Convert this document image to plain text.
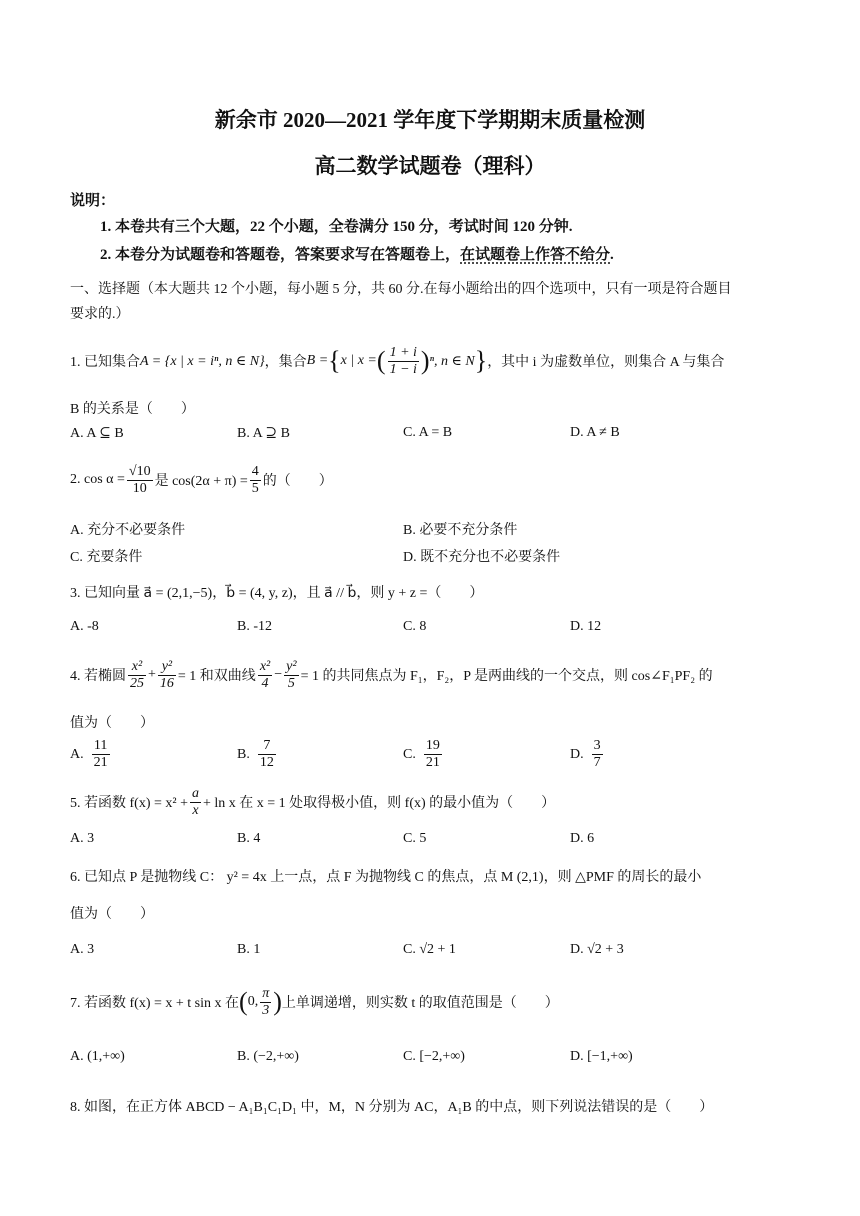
新余市 2020—2021 学年度下学期期末质量检测
高二数学试题卷（理科）
说明：
1. 本卷共有三个大题，22 个小题，全卷满分 150 分，考试时间 120 分钟.
2. 本卷分为试题卷和答题卷，答案要求写在答题卷上，在试题卷上作答不给分.
一、选择题（本大题共 12 个小题，每小题 5 分，共 60 分.在每小题给出的四个选项中，只有一项是符合题目
要求的.）
1. 已知集合 A = {x | x = iⁿ, n ∈ N} ，集合 B = { x | x = ( $\frac{1 + i}{1 - i}$ ) ⁿ, n ∈ N } ，其中 i 为虚数单位，则集合 A 与集合
B 的关系是（　　）
A. A ⊆ B	B. A ⊇ B	C. A = B	D. A ≠ B
2. $\cos \alpha = \frac{√10}{10}$ 是 $\cos(2\alpha + \pi) = \frac{4}{5}$ 的（　　）
A. 充分不必要条件	B. 必要不充分条件
C. 充要条件	D. 既不充分也不必要条件
3. 已知向量 a⃗ = (2,1,−5)，b⃗ = (4, y, z)，且 a⃗ // b⃗，则 y + z =（　　）
A. -8	B. -12	C. 8	D. 12
4. 若椭圆 $\frac{\text{x²}}{25} + \frac{\text{y²}}{16} = 1$ 和双曲线 $\frac{\text{x²}}{4} - \frac{\text{y²}}{5} = 1$ 的共同焦点为 F₁，F₂，P 是两曲线的一个交点，则 cos∠F₁PF₂ 的
值为（　　）
A. $\frac{11}{21}$	B. $\frac{7}{12}$	C. $\frac{19}{21}$	D. $\frac{3}{7}$
5. 若函数 $f(x) = x^2 + \frac{a}{x} + \ln x$ 在 x = 1 处取得极小值，则 f(x) 的最小值为（　　）
A. 3	B. 4	C. 5	D. 6
6. 已知点 P 是抛物线 C： y² = 4x 上一点，点 F 为抛物线 C 的焦点，点 M (2,1)，则 △PMF 的周长的最小
值为（　　）
A. 3	B. 1	C. √2 + 1	D. √2 + 3
7. 若函数 f(x) = x + t sin x 在 ( 0, $\frac{\pi}{3}$ ) 上单调递增，则实数 t 的取值范围是（　　）
A. (1,+∞)	B. (−2,+∞)	C. [−2,+∞)	D. [−1,+∞)
8. 如图，在正方体 ABCD − A₁B₁C₁D₁ 中，M，N 分别为 AC，A₁B 的中点，则下列说法错误的是（　　）
